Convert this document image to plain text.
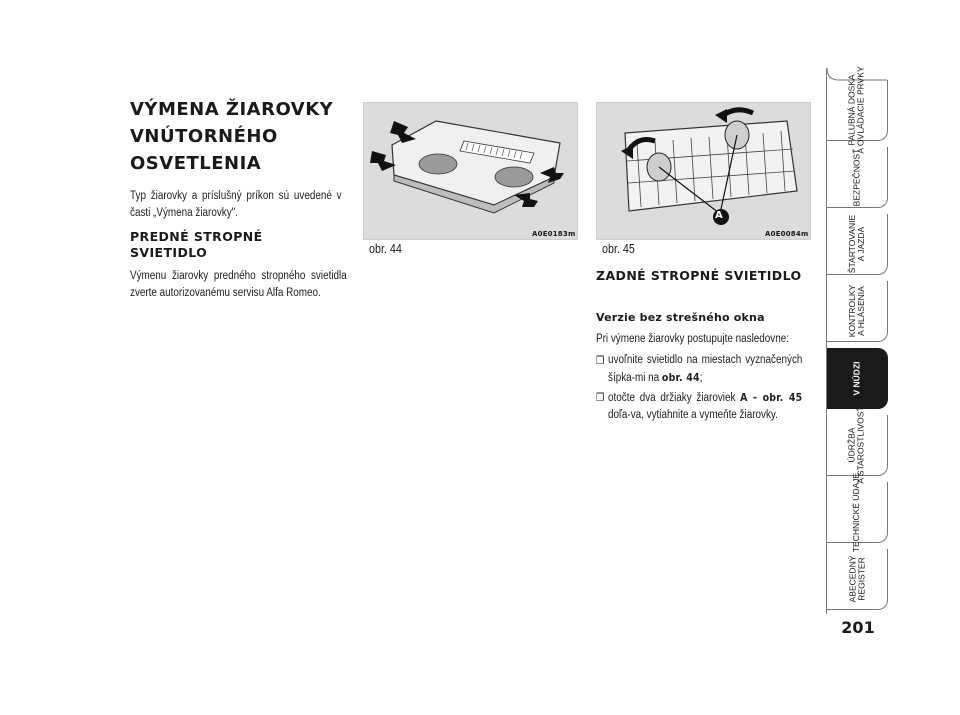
VÝMENA ŽIAROVKY
VNÚTORNÉHO
OSVETLENIA
Typ žiarovky a príslušný príkon sú uvedené v časti „Výmena žiarovky".
PREDNÉ STROPNÉ
SVIETIDLO
Výmenu žiarovky predného stropného svietidla zverte autorizovanému servisu Alfa Romeo.
A0E0183m
obr. 44
A
A0E0084m
obr. 45
ZADNÉ STROPNÉ SVIETIDLO
Verzie bez strešného okna
Pri výmene žiarovky postupujte nasledovne:
❒ uvoľnite svietidlo na miestach vyznačených šípka-mi na obr. 44;
❒ otočte dva držiaky žiaroviek A - obr. 45 doľa-va, vytiahnite a vymeňte žiarovky.
PALUBNÁ DOSKA
A OVLÁDACIE PRVKY
BEZPEČNOSŤ
ŠTARTOVANIE
A JAZDA
KONTROLKY
A HLÁSENIA
V NÚDZI
ÚDRŽBA
A STAROSTLIVOSŤ
TECHNICKÉ ÚDAJE
ABECEDNÝ
REGISTER
201
